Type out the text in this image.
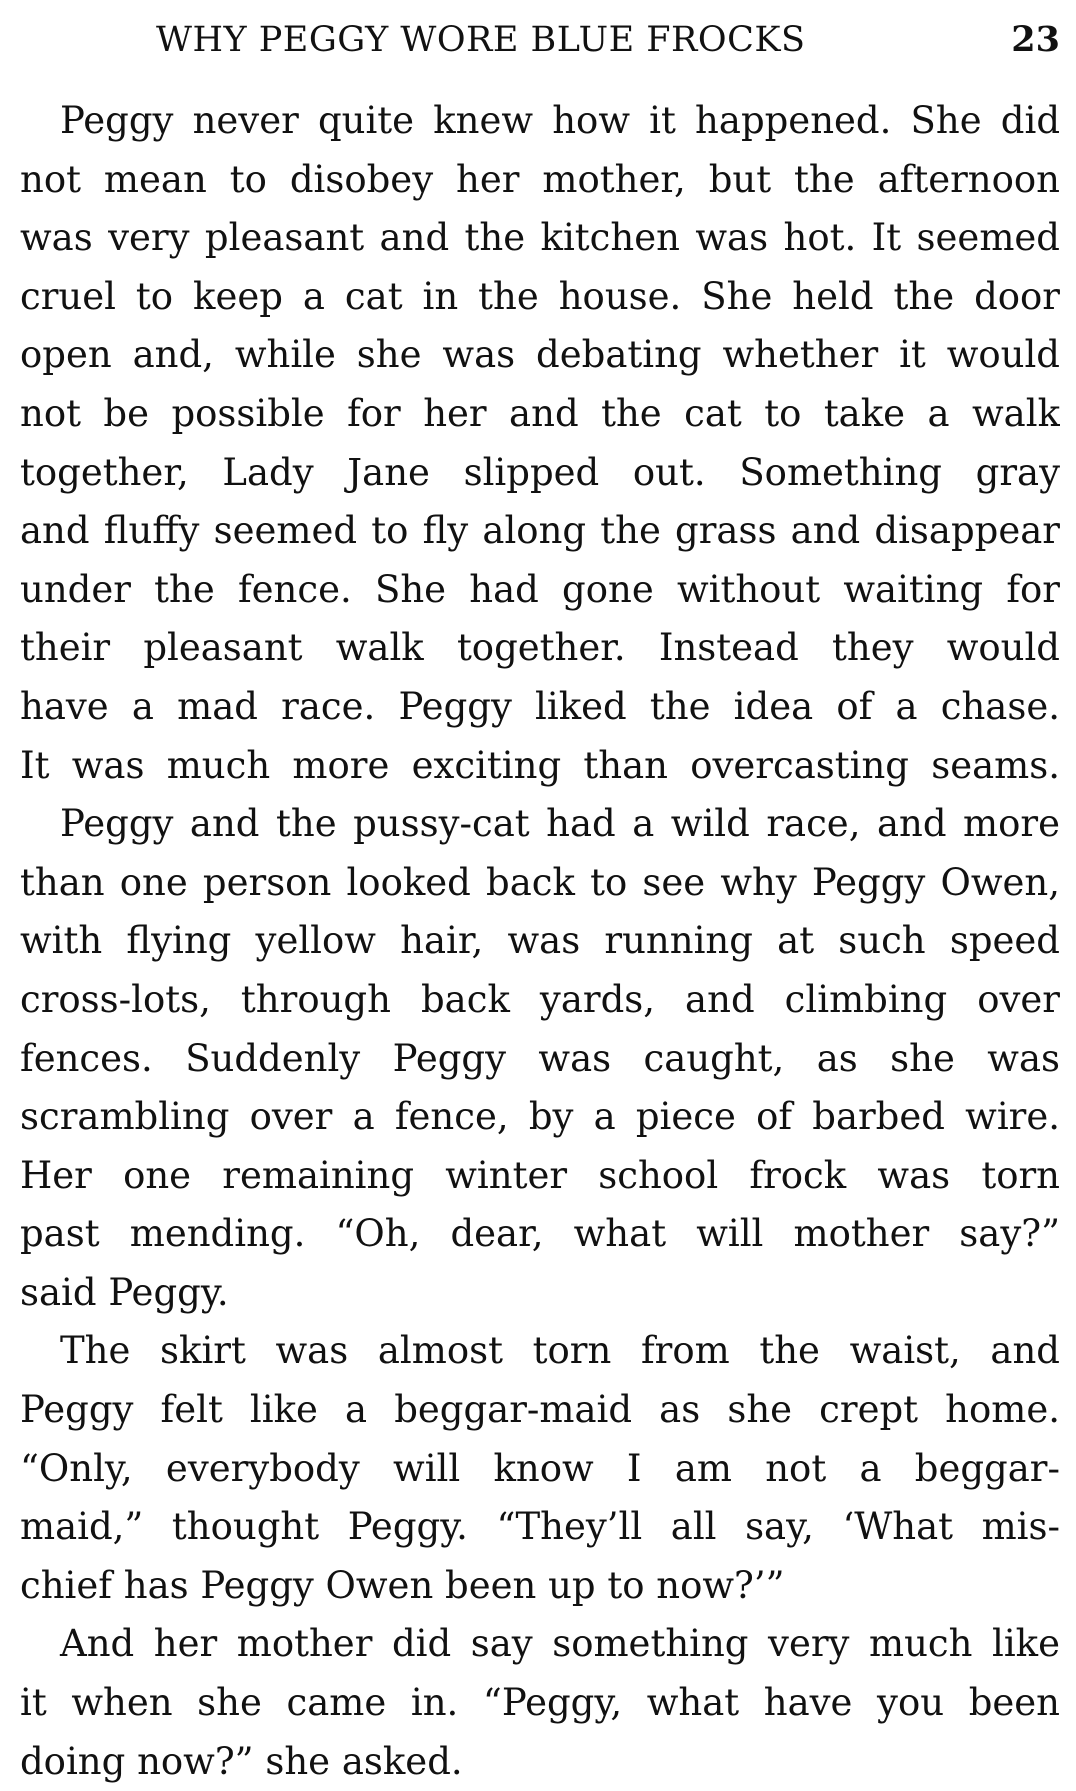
WHY PEGGY WORE BLUE FROCKS	23
Peggy never quite knew how it happened. She did
not mean to disobey her mother, but the afternoon
was very pleasant and the kitchen was hot. It seemed
cruel to keep a cat in the house. She held the door
open and, while she was debating whether it would
not be possible for her and the cat to take a walk
together, Lady Jane slipped out. Something gray
and fluffy seemed to fly along the grass and disappear
under the fence. She had gone without waiting for
their pleasant walk together. Instead they would
have a mad race. Peggy liked the idea of a chase.
It was much more exciting than overcasting seams.
Peggy and the pussy-cat had a wild race, and more
than one person looked back to see why Peggy Owen,
with flying yellow hair, was running at such speed
cross-lots, through back yards, and climbing over
fences. Suddenly Peggy was caught, as she was
scrambling over a fence, by a piece of barbed wire.
Her one remaining winter school frock was torn
past mending. “Oh, dear, what will mother say?”
said Peggy.
The skirt was almost torn from the waist, and
Peggy felt like a beggar-maid as she crept home.
“Only, everybody will know I am not a beggar-
maid,” thought Peggy. “They’ll all say, ‘What mis-
chief has Peggy Owen been up to now?’”
And her mother did say something very much like
it when she came in. “Peggy, what have you been
doing now?” she asked.
